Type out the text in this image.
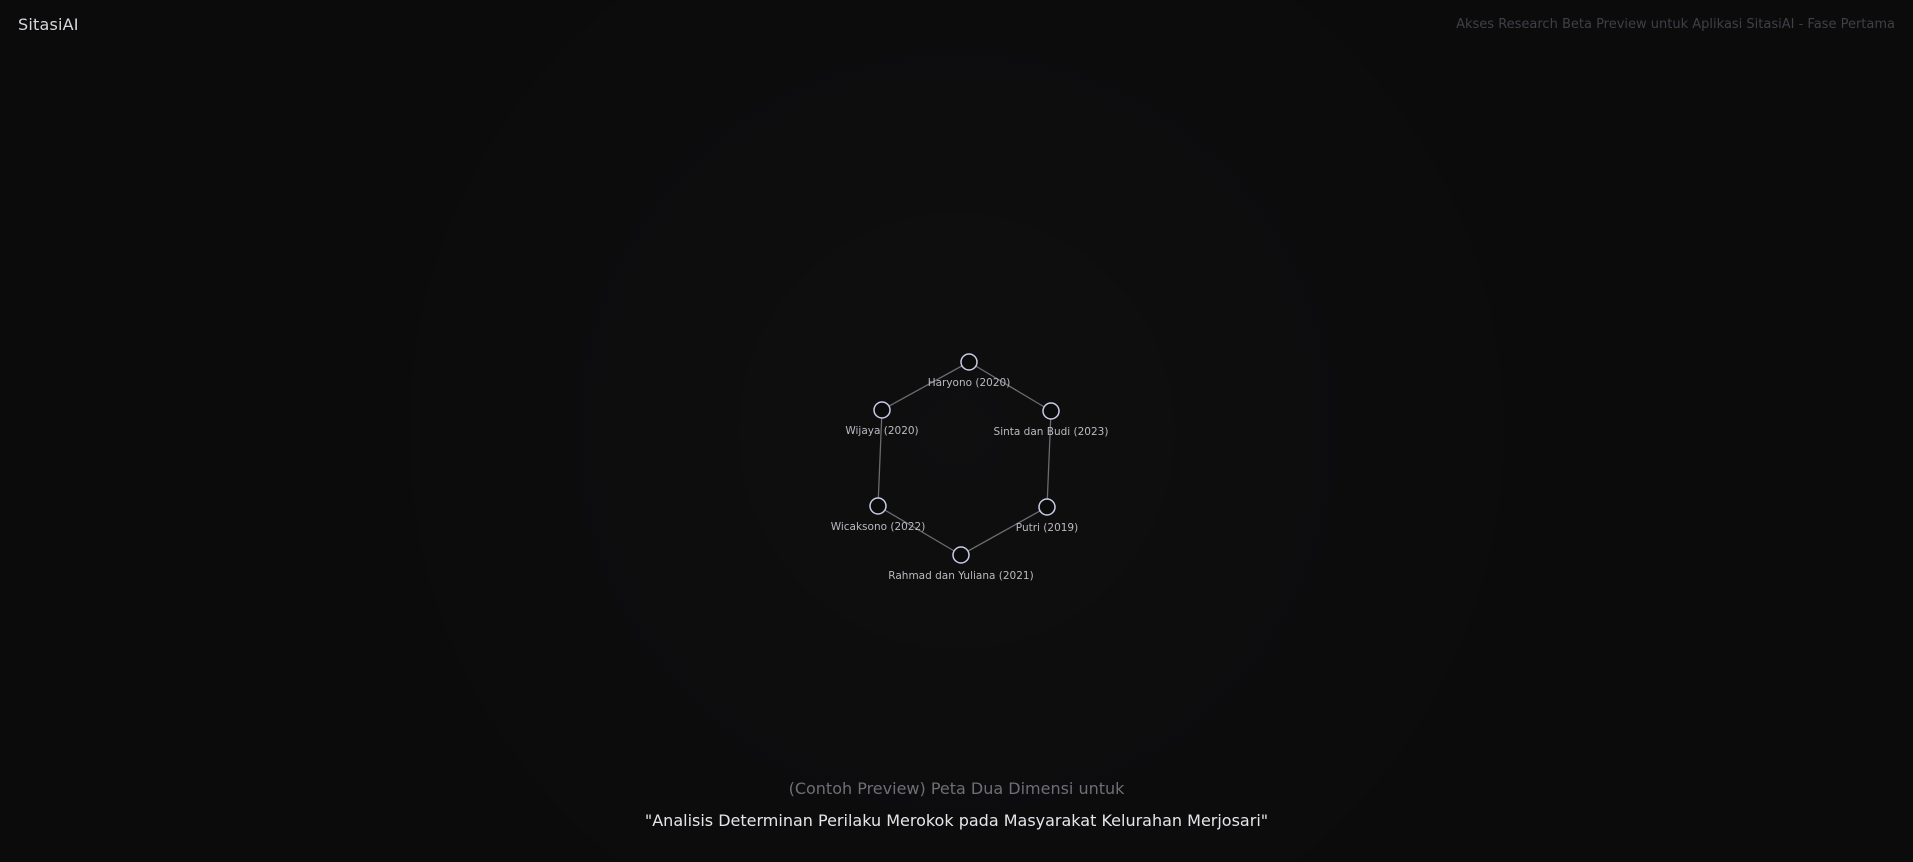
SitasiAI	Akses Research Beta Preview untuk Aplikasi SitasiAI - Fase Pertama
Haryono (2020)
Sinta dan Budi (2023)
Putri (2019)
Rahmad dan Yuliana (2021)
Wicaksono (2022)
Wijaya (2020)
(Contoh Preview) Peta Dua Dimensi untuk
"Analisis Determinan Perilaku Merokok pada Masyarakat Kelurahan Merjosari"
